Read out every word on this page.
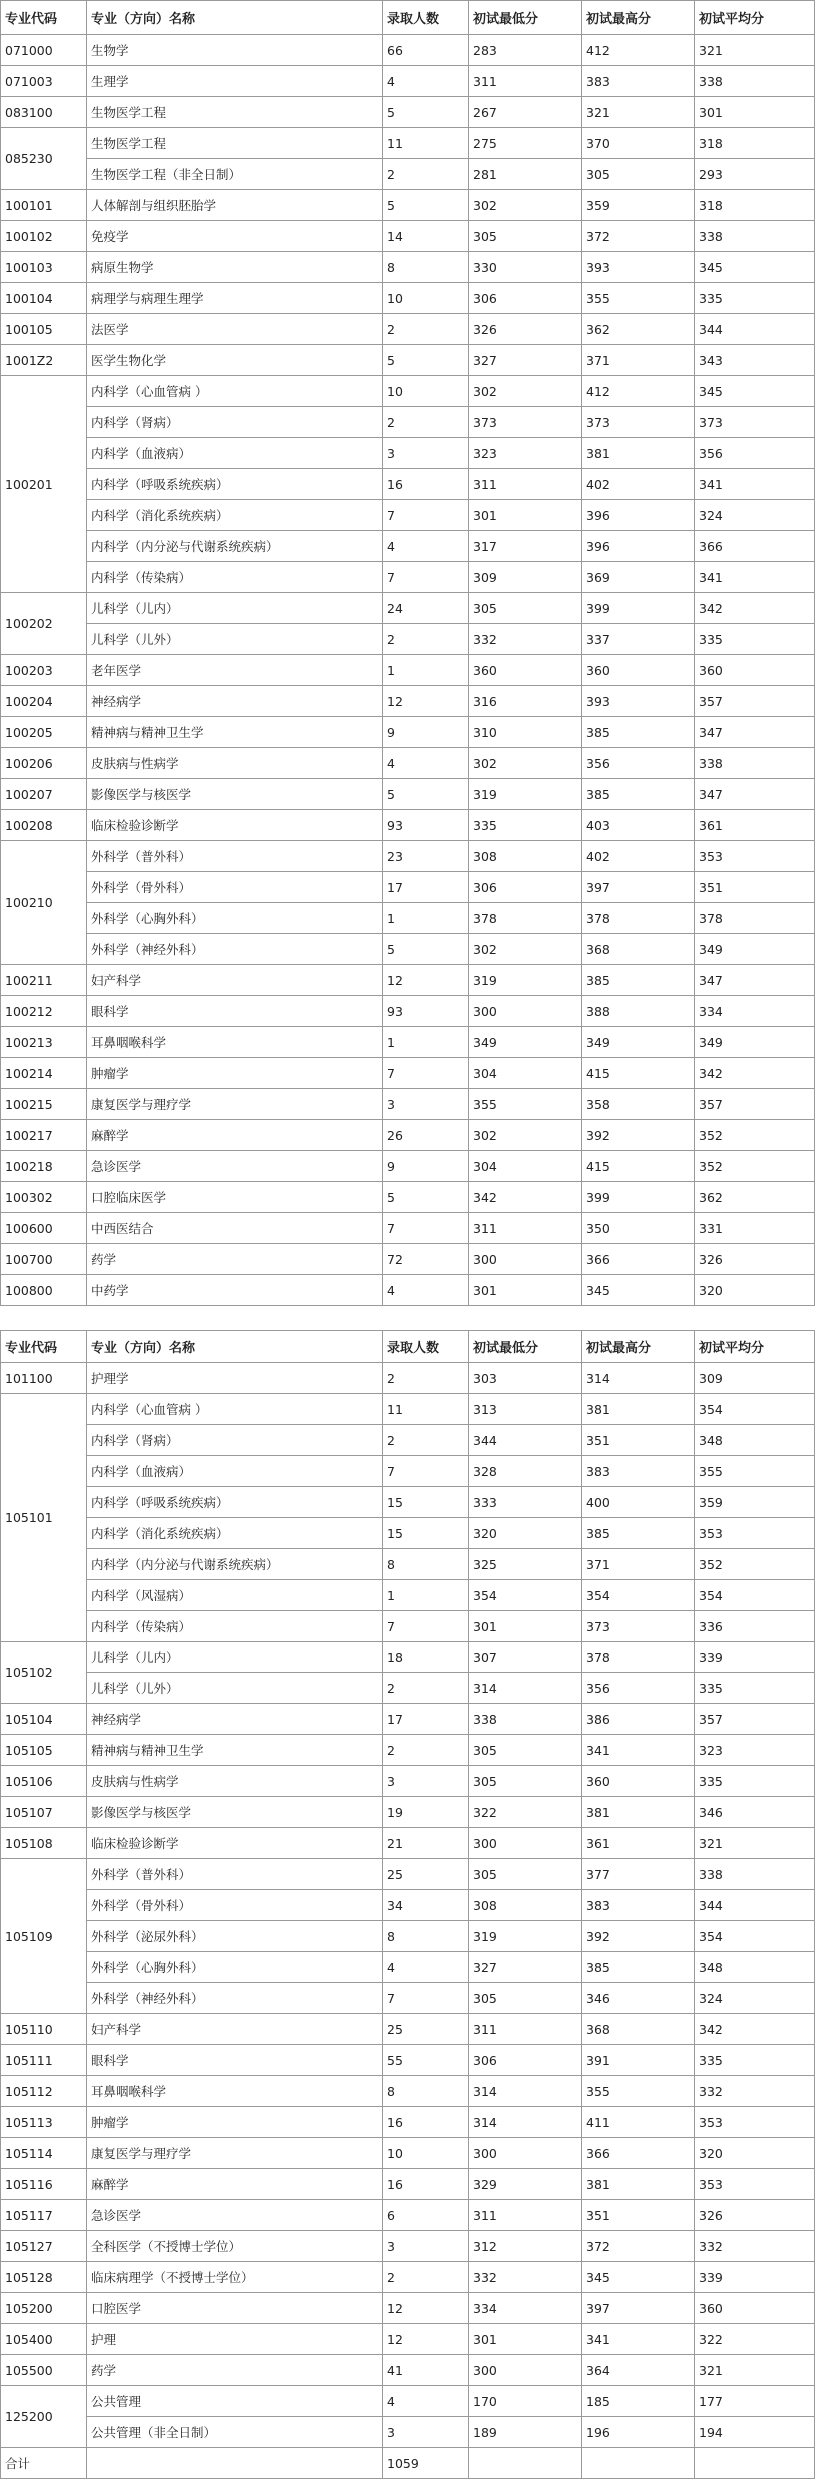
专业代码	专业（方向）名称	录取人数	初试最低分	初试最高分	初试平均分
071000	生物学	66	283	412	321
071003	生理学	4	311	383	338
083100	生物医学工程	5	267	321	301
085230	生物医学工程	11	275	370	318
	生物医学工程（非全日制）	2	281	305	293
100101	人体解剖与组织胚胎学	5	302	359	318
100102	免疫学	14	305	372	338
100103	病原生物学	8	330	393	345
100104	病理学与病理生理学	10	306	355	335
100105	法医学	2	326	362	344
1001Z2	医学生物化学	5	327	371	343
100201	内科学（心血管病 ）	10	302	412	345
	内科学（肾病）	2	373	373	373
	内科学（血液病）	3	323	381	356
	内科学（呼吸系统疾病）	16	311	402	341
	内科学（消化系统疾病）	7	301	396	324
	内科学（内分泌与代谢系统疾病）	4	317	396	366
	内科学（传染病）	7	309	369	341
100202	儿科学（儿内）	24	305	399	342
	儿科学（儿外）	2	332	337	335
100203	老年医学	1	360	360	360
100204	神经病学	12	316	393	357
100205	精神病与精神卫生学	9	310	385	347
100206	皮肤病与性病学	4	302	356	338
100207	影像医学与核医学	5	319	385	347
100208	临床检验诊断学	93	335	403	361
100210	外科学（普外科）	23	308	402	353
	外科学（骨外科）	17	306	397	351
	外科学（心胸外科）	1	378	378	378
	外科学（神经外科）	5	302	368	349
100211	妇产科学	12	319	385	347
100212	眼科学	93	300	388	334
100213	耳鼻咽喉科学	1	349	349	349
100214	肿瘤学	7	304	415	342
100215	康复医学与理疗学	3	355	358	357
100217	麻醉学	26	302	392	352
100218	急诊医学	9	304	415	352
100302	口腔临床医学	5	342	399	362
100600	中西医结合	7	311	350	331
100700	药学	72	300	366	326
100800	中药学	4	301	345	320
专业代码	专业（方向）名称	录取人数	初试最低分	初试最高分	初试平均分
101100	护理学	2	303	314	309
105101	内科学（心血管病 ）	11	313	381	354
	内科学（肾病）	2	344	351	348
	内科学（血液病）	7	328	383	355
	内科学（呼吸系统疾病）	15	333	400	359
	内科学（消化系统疾病）	15	320	385	353
	内科学（内分泌与代谢系统疾病）	8	325	371	352
	内科学（风湿病）	1	354	354	354
	内科学（传染病）	7	301	373	336
105102	儿科学（儿内）	18	307	378	339
	儿科学（儿外）	2	314	356	335
105104	神经病学	17	338	386	357
105105	精神病与精神卫生学	2	305	341	323
105106	皮肤病与性病学	3	305	360	335
105107	影像医学与核医学	19	322	381	346
105108	临床检验诊断学	21	300	361	321
105109	外科学（普外科）	25	305	377	338
	外科学（骨外科）	34	308	383	344
	外科学（泌尿外科）	8	319	392	354
	外科学（心胸外科）	4	327	385	348
	外科学（神经外科）	7	305	346	324
105110	妇产科学	25	311	368	342
105111	眼科学	55	306	391	335
105112	耳鼻咽喉科学	8	314	355	332
105113	肿瘤学	16	314	411	353
105114	康复医学与理疗学	10	300	366	320
105116	麻醉学	16	329	381	353
105117	急诊医学	6	311	351	326
105127	全科医学（不授博士学位）	3	312	372	332
105128	临床病理学（不授博士学位）	2	332	345	339
105200	口腔医学	12	334	397	360
105400	护理	12	301	341	322
105500	药学	41	300	364	321
125200	公共管理	4	170	185	177
	公共管理（非全日制）	3	189	196	194
合计		1059			
